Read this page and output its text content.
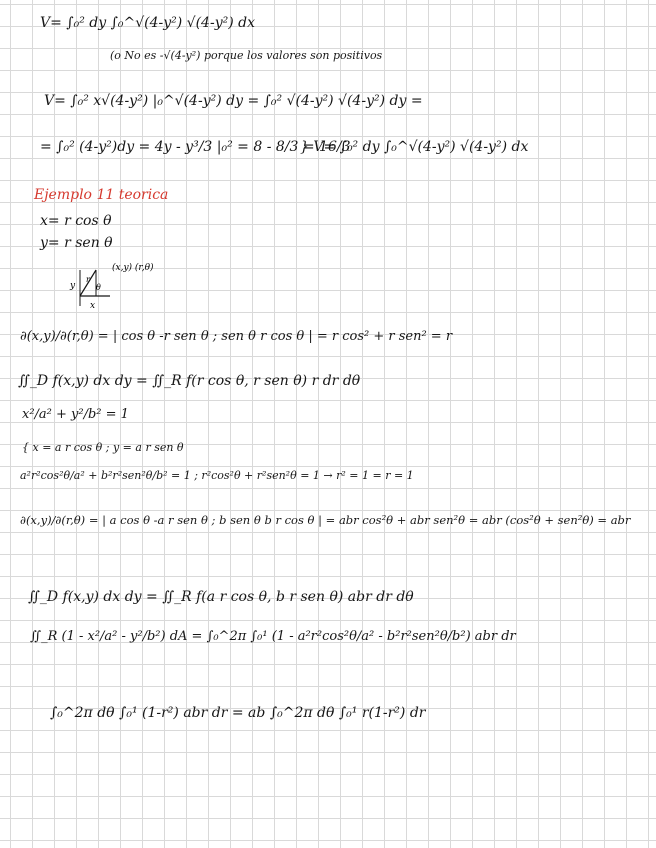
V= ∫₀² dy ∫₀^√(4-y²) √(4-y²) dx
(o No es -√(4-y²) porque los valores son positivos
V= ∫₀² x√(4-y²) |₀^√(4-y²) dy = ∫₀² √(4-y²) √(4-y²) dy =
= ∫₀² (4-y²)dy = 4y - y³/3 |₀² = 8 - 8/3 = 16/3
} V= ∫₀² dy ∫₀^√(4-y²) √(4-y²) dx
Ejemplo 11 teorica
x= r cos θ
y= r sen θ
(x,y) (r,θ)
r
θ
y
x
∂(x,y)/∂(r,θ) = | cos θ -r sen θ ; sen θ r cos θ | = r cos² + r sen² = r
∬_D f(x,y) dx dy = ∬_R f(r cos θ, r sen θ) r dr dθ
x²/a² + y²/b² = 1
{ x = a r cos θ ; y = a r sen θ
a²r²cos²θ/a² + b²r²sen²θ/b² = 1 ; r²cos²θ + r²sen²θ = 1 → r² = 1 = r = 1
∂(x,y)/∂(r,θ) = | a cos θ -a r sen θ ; b sen θ b r cos θ | = abr cos²θ + abr sen²θ = abr (cos²θ + sen²θ) = abr
∬_D f(x,y) dx dy = ∬_R f(a r cos θ, b r sen θ) abr dr dθ
∬_R (1 - x²/a² - y²/b²) dA = ∫₀^2π ∫₀¹ (1 - a²r²cos²θ/a² - b²r²sen²θ/b²) abr dr
∫₀^2π dθ ∫₀¹ (1-r²) abr dr = ab ∫₀^2π dθ ∫₀¹ r(1-r²) dr
